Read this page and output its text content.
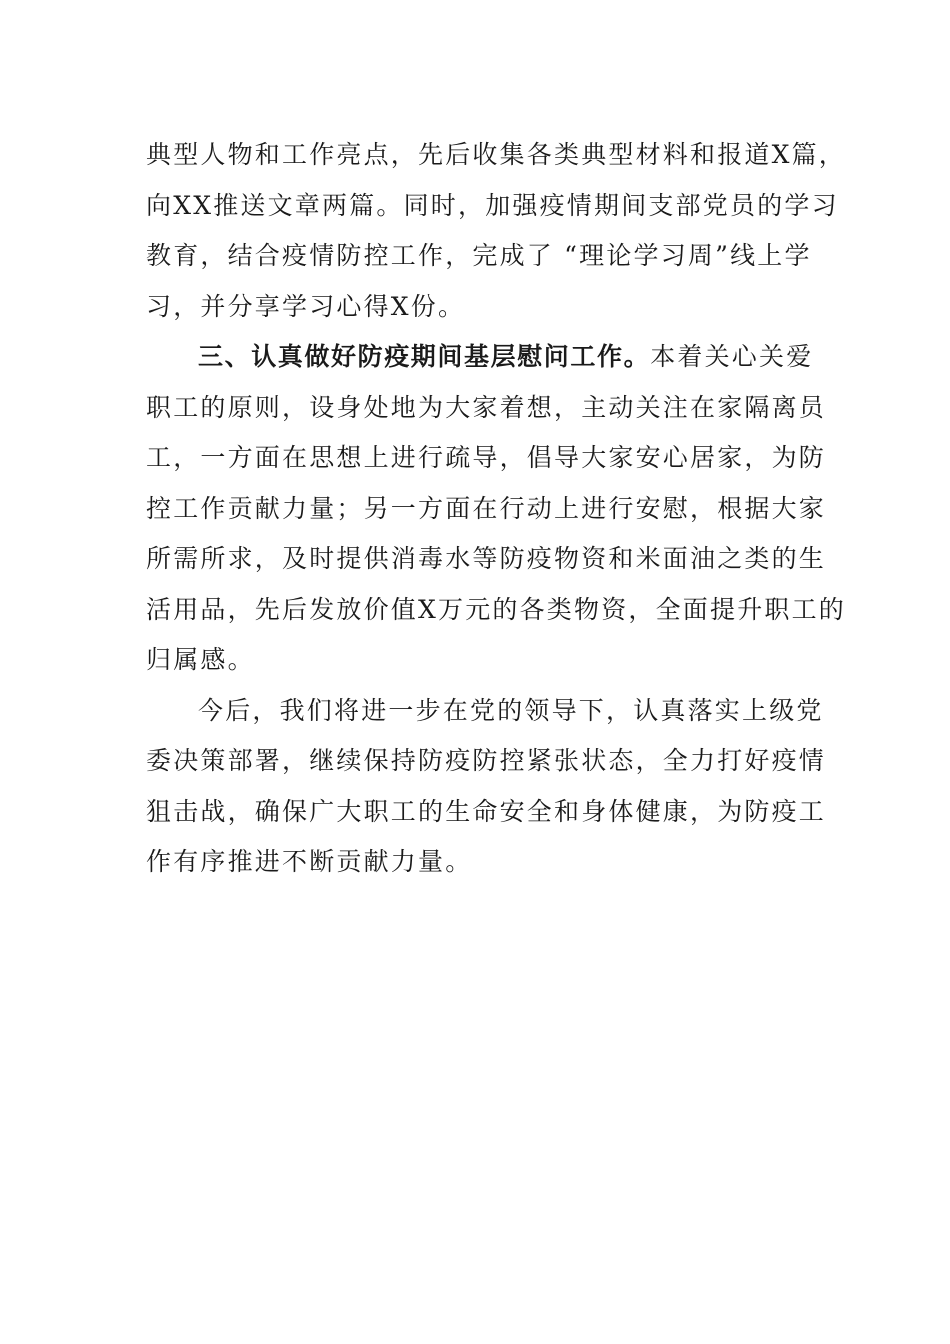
典型人物和工作亮点，先后收集各类典型材料和报道X篇，
向XX推送文章两篇。同时，加强疫情期间支部党员的学习
教育，结合疫情防控工作，完成了 “理论学习周”线上学
习，并分享学习心得X份。
三、认真做好防疫期间基层慰问工作。本着关心关爱
职工的原则，设身处地为大家着想，主动关注在家隔离员
工，一方面在思想上进行疏导，倡导大家安心居家，为防
控工作贡献力量；另一方面在行动上进行安慰，根据大家
所需所求，及时提供消毒水等防疫物资和米面油之类的生
活用品，先后发放价值X万元的各类物资，全面提升职工的
归属感。
今后，我们将进一步在党的领导下，认真落实上级党
委决策部署，继续保持防疫防控紧张状态，全力打好疫情
狙击战，确保广大职工的生命安全和身体健康，为防疫工
作有序推进不断贡献力量。
